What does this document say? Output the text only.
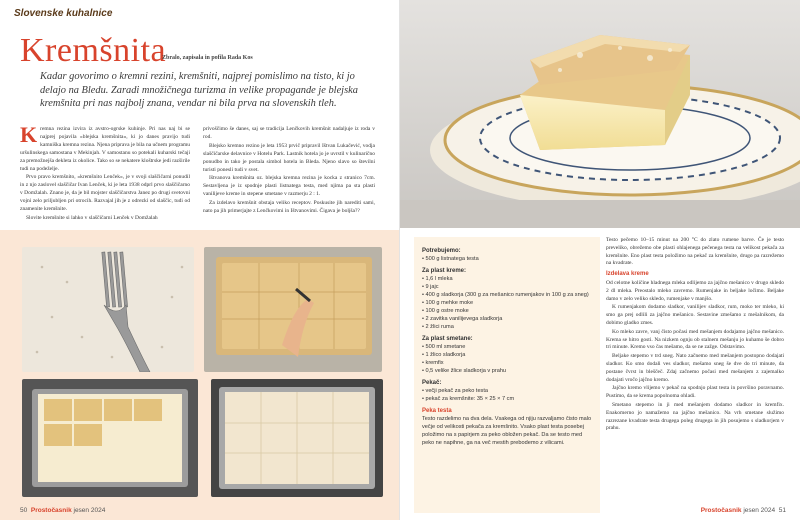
Slovenske kuhalnice
Kremšnita
Zbralo, zapisala in pofila Rada Kos
Kadar govorimo o kremni rezini, kremšniti, najprej pomislimo na tisto, ki jo delajo na Bledu. Zaradi množičnega turizma in velike propagande je blejska kremšnita pri nas najbolj znana, vendar ni bila prva na slovenskih tleh.

Kremna rezina izvira iz avstro-ogrske kuhinje. Pri nas naj bi se najprej pojavila »blejska kremšnita«, ki jo danes pravijo tudi kamniška kremna rezina. Njena priprava je bila na učnem programu uršulinskega samostana v Mekinjah. V samostanu so potekali kuharski tečaji za premožnejša dekleta iz okolice. Tako so se nekatere kloštrske jedi razširile tudi na podeželje.

Prvo pravo kremšnito, »kremšnito Lenček«, je v svoji slaščičarni ponudil in z njo zaslovel slaščičar Ivan Lenček, ki je leta 1938 odprl prvo slaščičarno v Domžalah. Znano je, da je bil mojster slaščičarstva Janez po drugi svetovni vojni zelo priljubljen pri otrocih. Razvajal jih je z odrezki od slaščic, tudi od znamenite kremšnite.

Slovite kremšnite si lahko v slaščičarni Lenček v Domžalah

privoščimo še danes, saj se tradicija Lenčkovih kremšnit nadaljuje iz roda v rod.

Blejsko kremno rezino je leta 1953 prvič pripravil Ištvan Lukačević, vodja slaščičarske delavnice v Hotelu Park. Lastnik hotela jo je uvrstil v kulinarično ponudbo in tako je postala simbol hotela in Bleda. Njeno slavo so številni turisti ponesli tudi v svet.

Ištvanova kremšnita oz. blejska kremna rezina je kocka z stranico 7cm. Sestavljena je iz spodnje plasti listnatega testa, med njima pa sta plasti vanilijeve kreme in stepene smetane v razmerju 2 : 1.

Za izdelavo kremšnit obstaja veliko receptov. Poskusite jih narediti sami, nato pa jih primerjajte z Lenčkovimi in Ištvanovimi. Čigava je boljša??

50 Prostočasnik jesen 2024
Potrebujemo:
• 500 g listnatega testa
Za plast kreme:
• 1,6 l mleka
• 9 jajc
• 400 g sladkorja (300 g za mešanico rumenjakov in 100 g za sneg)
• 100 g mehke moke
• 100 g ostre moke
• 2 zavitka vanilijevega sladkorja
• 2 žlici ruma
Za plast smetane:
• 500 ml smetane
• 1 žlico sladkorja
• kremfix
• 0,5 velike žlice sladkorja v prahu
Pekač:
• večji pekač za peko testa
• pekač za kremšnite: 35 × 25 × 7 cm
Peka testa
Testo razdelimo na dva dela. Vsakega od njiju razvaljamo čisto malo večje od velikosti pekača za kremšnito. Vsako plast testa posebej položimo na s papirjem za peko obložen pekač. Da se testo med peko ne napihne, ga na več mestih prebodemo z vilicami.

Testo pečemo 10–15 minut na 200 °C do zlato rumene barve. Če je testo preveliko, obrežemo obe plasti ohlajenega pečenega testa na velikost pekača za kremšnite. Eno plast testa položimo na pekač za kremšnite, drugo pa razrežemo na kvadrate.

Izdelava kreme

Od celotne količine hladnega mleka odlijemo za jajčno mešanico v drugo skledo 2 dl mleka. Preostalo mleko zavremo. Rumenjake in beljake ločimo. Beljake damo v zelo veliko skledo, rumenjake v manjšo.

K rumenjakom dodamo sladkor, vanilijev sladkor, rum, moko ter mleko, ki smo ga prej odlili za jajčno mešanico. Sestavine zmešamo z mešalnikom, da dobimo gladko zmes.

Ko mleko zavre, vanj čisto počasi med mešanjem dodajamo jajčno mešanico. Krema se hitro gosti. Na nizkem ognju ob stalnem mešanju jo kuhamo še dobro tri minute. Kremo vso čas mešamo, da se ne zažge. Odstavimo.

Beljake stepemo v trd sneg. Nato začnemo med mešanjem postopno dodajati sladkor. Ko smo dodali ves sladkor, mešamo sneg še dve do tri minute, da postane čvrst in bleščeč. Zdaj začnemo počasi med mešanjem z zajemalko dodajati vročo jajčno kremo.

Jajčno kremo vlijemo v pekač na spodnjo plast testa in površino poravnamo. Pustimo, da se krema popolnoma ohladi.

Smetano stepemo in ji med mešanjem dodamo sladkor in kremfix. Enakomerno jo namažemo na jajčno mešanico. Na vrh smetane služimo razrezane kvadrate testa drugega poleg drugega in jih posujemo s sladkorjem v prahu.

Prostočasnik jesen 2024 51
